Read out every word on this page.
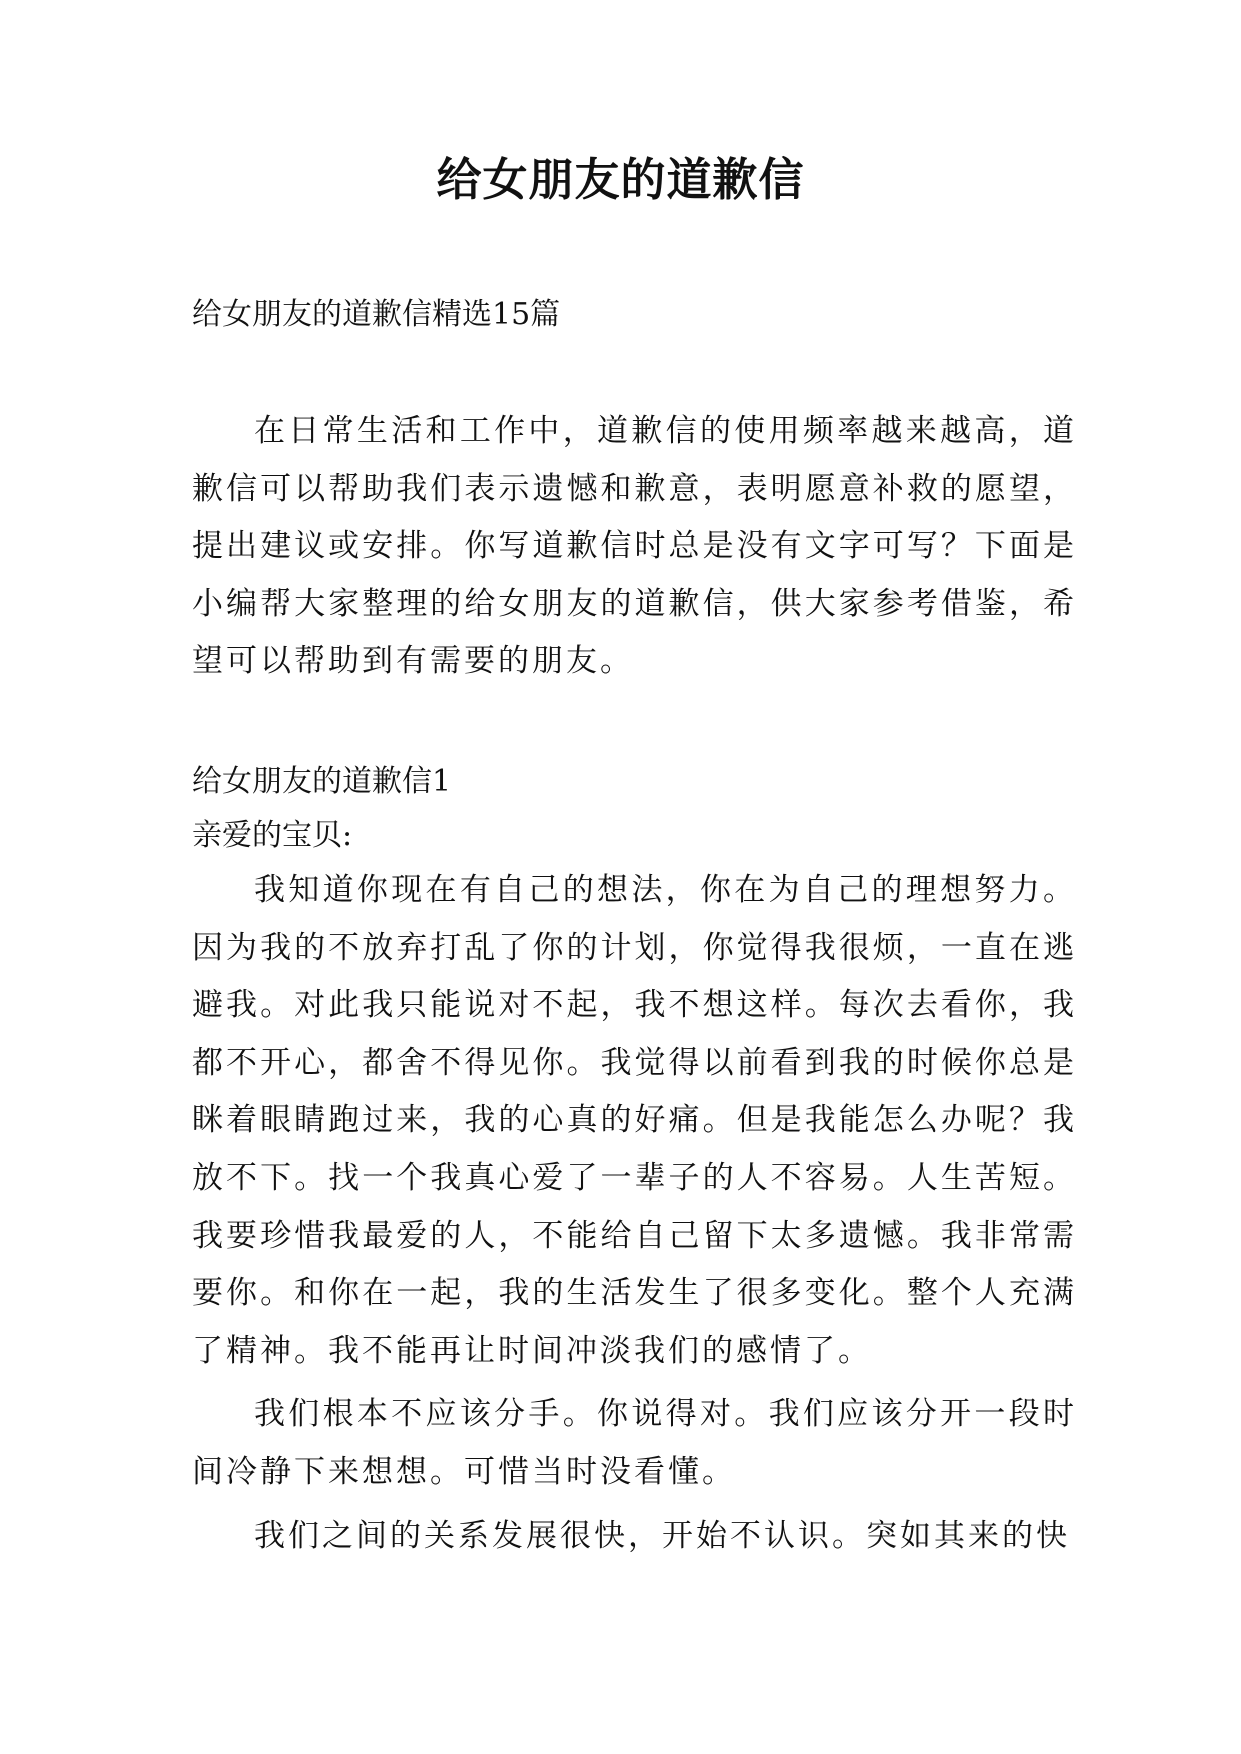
给女朋友的道歉信
给女朋友的道歉信精选15篇

在日常生活和工作中，道歉信的使用频率越来越高，道歉信可以帮助我们表示遗憾和歉意，表明愿意补救的愿望，提出建议或安排。你写道歉信时总是没有文字可写？下面是小编帮大家整理的给女朋友的道歉信，供大家参考借鉴，希望可以帮助到有需要的朋友。

给女朋友的道歉信1
亲爱的宝贝:

我知道你现在有自己的想法，你在为自己的理想努力。因为我的不放弃打乱了你的计划，你觉得我很烦，一直在逃避我。对此我只能说对不起，我不想这样。每次去看你，我都不开心，都舍不得见你。我觉得以前看到我的时候你总是眯着眼睛跑过来，我的心真的好痛。但是我能怎么办呢？我放不下。找一个我真心爱了一辈子的人不容易。人生苦短。我要珍惜我最爱的人，不能给自己留下太多遗憾。我非常需要你。和你在一起，我的生活发生了很多变化。整个人充满了精神。我不能再让时间冲淡我们的感情了。

我们根本不应该分手。你说得对。我们应该分开一段时间冷静下来想想。可惜当时没看懂。

我们之间的关系发展很快，开始不认识。突如其来的快
